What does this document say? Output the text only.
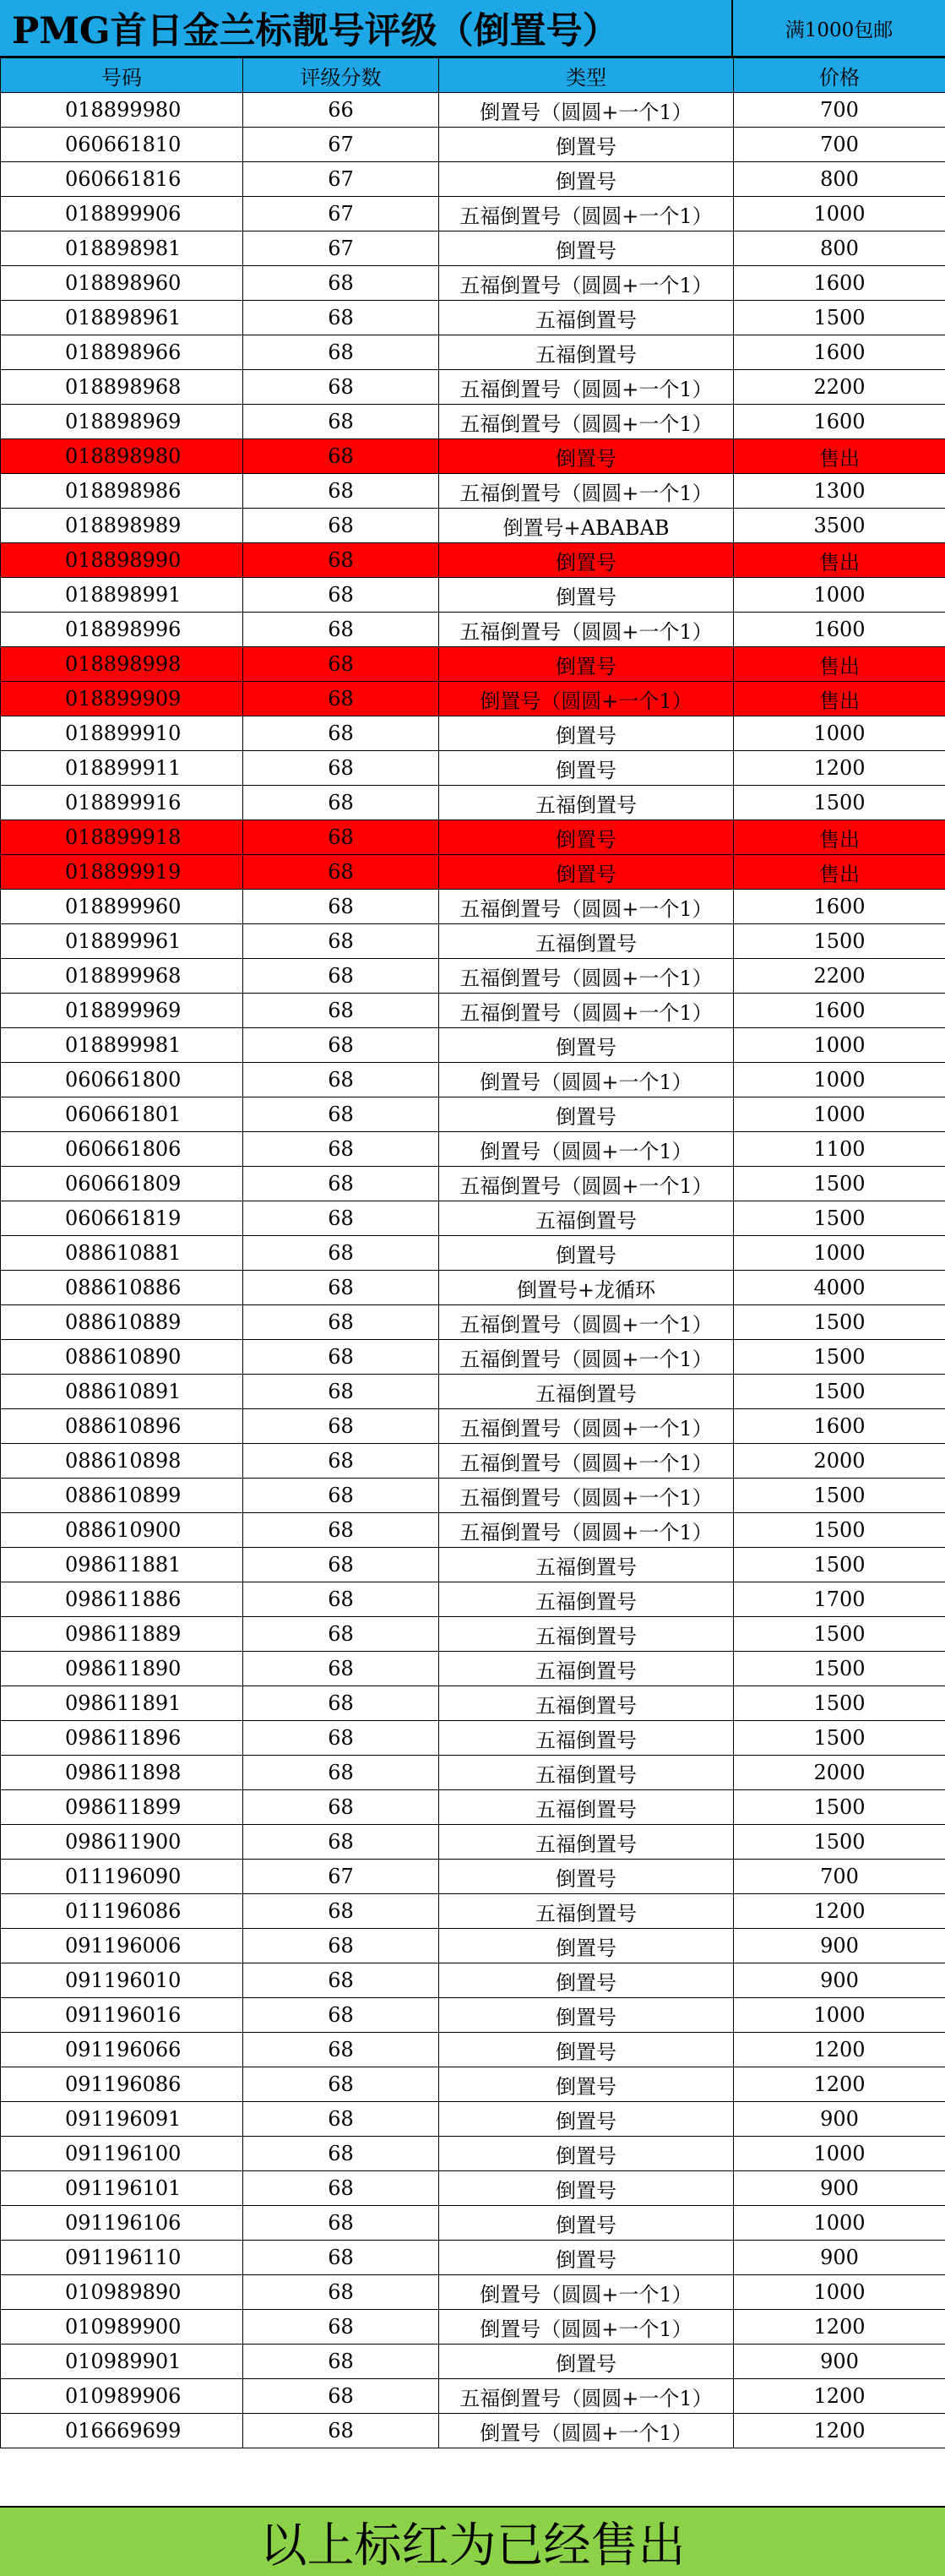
PMG首日金兰标靓号评级（倒置号）	满1000包邮
号码	评级分数	类型	价格
018899980	66	倒置号（圆圆+一个1）	700
060661810	67	倒置号	700
060661816	67	倒置号	800
018899906	67	五福倒置号（圆圆+一个1）	1000
018898981	67	倒置号	800
018898960	68	五福倒置号（圆圆+一个1）	1600
018898961	68	五福倒置号	1500
018898966	68	五福倒置号	1600
018898968	68	五福倒置号（圆圆+一个1）	2200
018898969	68	五福倒置号（圆圆+一个1）	1600
018898980	68	倒置号	售出
018898986	68	五福倒置号（圆圆+一个1）	1300
018898989	68	倒置号+ABABAB	3500
018898990	68	倒置号	售出
018898991	68	倒置号	1000
018898996	68	五福倒置号（圆圆+一个1）	1600
018898998	68	倒置号	售出
018899909	68	倒置号（圆圆+一个1）	售出
018899910	68	倒置号	1000
018899911	68	倒置号	1200
018899916	68	五福倒置号	1500
018899918	68	倒置号	售出
018899919	68	倒置号	售出
018899960	68	五福倒置号（圆圆+一个1）	1600
018899961	68	五福倒置号	1500
018899968	68	五福倒置号（圆圆+一个1）	2200
018899969	68	五福倒置号（圆圆+一个1）	1600
018899981	68	倒置号	1000
060661800	68	倒置号（圆圆+一个1）	1000
060661801	68	倒置号	1000
060661806	68	倒置号（圆圆+一个1）	1100
060661809	68	五福倒置号（圆圆+一个1）	1500
060661819	68	五福倒置号	1500
088610881	68	倒置号	1000
088610886	68	倒置号+龙循环	4000
088610889	68	五福倒置号（圆圆+一个1）	1500
088610890	68	五福倒置号（圆圆+一个1）	1500
088610891	68	五福倒置号	1500
088610896	68	五福倒置号（圆圆+一个1）	1600
088610898	68	五福倒置号（圆圆+一个1）	2000
088610899	68	五福倒置号（圆圆+一个1）	1500
088610900	68	五福倒置号（圆圆+一个1）	1500
098611881	68	五福倒置号	1500
098611886	68	五福倒置号	1700
098611889	68	五福倒置号	1500
098611890	68	五福倒置号	1500
098611891	68	五福倒置号	1500
098611896	68	五福倒置号	1500
098611898	68	五福倒置号	2000
098611899	68	五福倒置号	1500
098611900	68	五福倒置号	1500
011196090	67	倒置号	700
011196086	68	五福倒置号	1200
091196006	68	倒置号	900
091196010	68	倒置号	900
091196016	68	倒置号	1000
091196066	68	倒置号	1200
091196086	68	倒置号	1200
091196091	68	倒置号	900
091196100	68	倒置号	1000
091196101	68	倒置号	900
091196106	68	倒置号	1000
091196110	68	倒置号	900
010989890	68	倒置号（圆圆+一个1）	1000
010989900	68	倒置号（圆圆+一个1）	1200
010989901	68	倒置号	900
010989906	68	五福倒置号（圆圆+一个1）	1200
016669699	68	倒置号（圆圆+一个1）	1200
以上标红为已经售出
